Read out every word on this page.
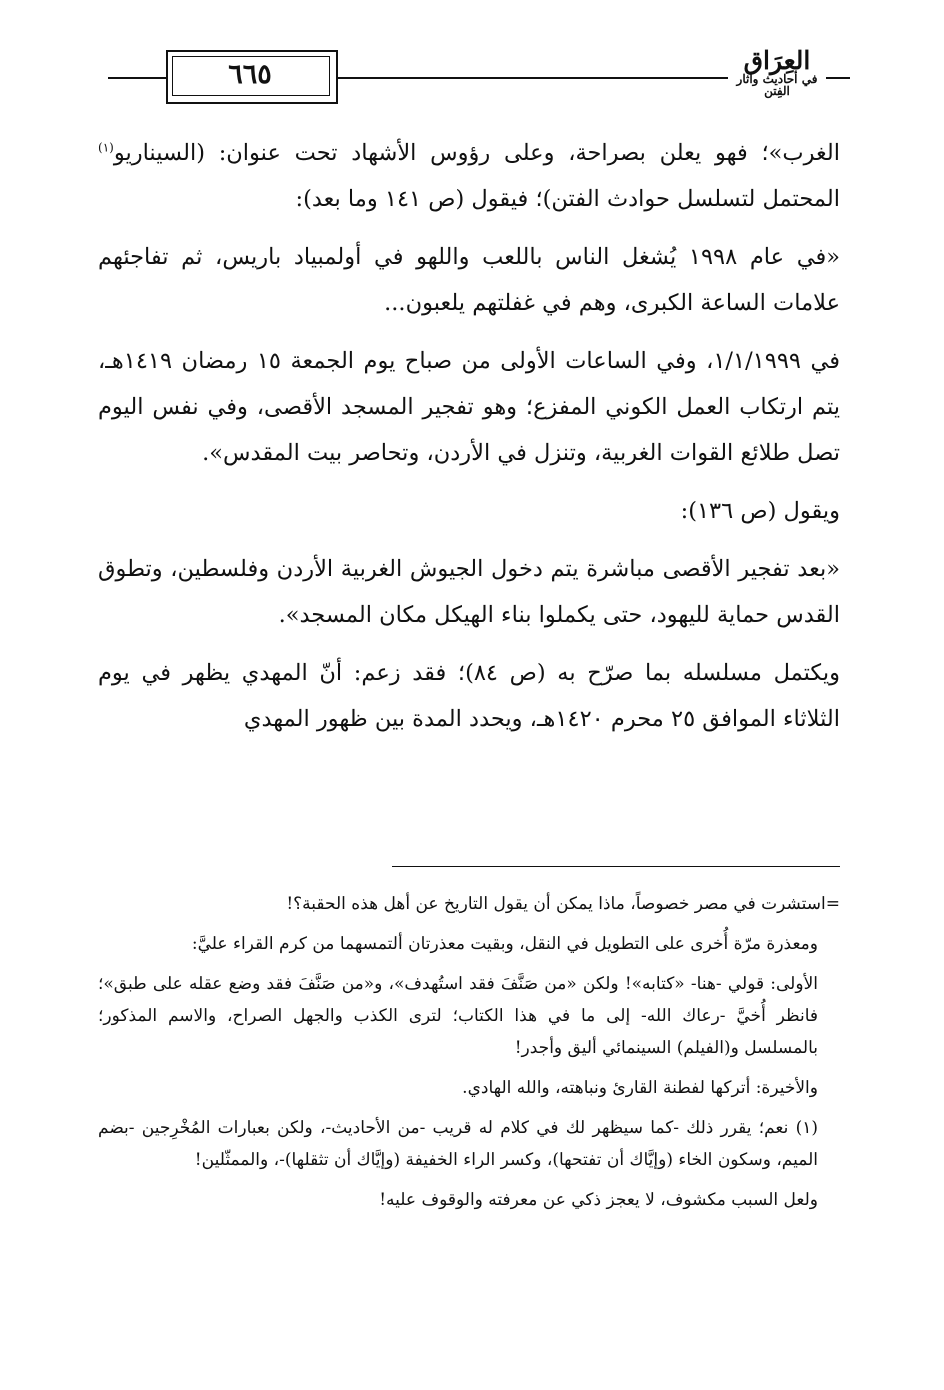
٦٦٥	العِرَاق
في أحاديث وآثار الفِتن

الغرب»؛ فهو يعلن بصراحة، وعلى رؤوس الأشهاد تحت عنوان: (السيناريو$^{(١)}$ المحتمل لتسلسل حوادث الفتن)؛ فيقول (ص ١٤١ وما بعد):

«في عام ١٩٩٨ يُشغل الناس باللعب واللهو في أولمبياد باريس، ثم تفاجئهم علامات الساعة الكبرى، وهم في غفلتهم يلعبون...

في ١/١/١٩٩٩، وفي الساعات الأولى من صباح يوم الجمعة ١٥ رمضان ١٤١٩هـ، يتم ارتكاب العمل الكوني المفزع؛ وهو تفجير المسجد الأقصى، وفي نفس اليوم تصل طلائع القوات الغربية، وتنزل في الأردن، وتحاصر بيت المقدس».

ويقول (ص ١٣٦):

«بعد تفجير الأقصى مباشرة يتم دخول الجيوش الغربية الأردن وفلسطين، وتطوق القدس حماية لليهود، حتى يكملوا بناء الهيكل مكان المسجد».

ويكتمل مسلسله بما صرّح به (ص ٨٤)؛ فقد زعم: أنّ المهدي يظهر في يوم الثلاثاء الموافق ٢٥ محرم ١٤٢٠هـ، ويحدد المدة بين ظهور المهدي

=استشرت في مصر خصوصاً، ماذا يمكن أن يقول التاريخ عن أهل هذه الحقبة؟!

ومعذرة مرّة أُخرى على التطويل في النقل، وبقيت معذرتان ألتمسهما من كرم القراء عليَّ:

الأولى: قولي -هنا- «كتابه»! ولكن «من صَنَّفَ فقد استُهدف»، و«من صَنَّفَ فقد وضع عقله على طبق»؛ فانظر أُخيَّ -رعاك الله- إلى ما في هذا الكتاب؛ لترى الكذب والجهل الصراح، والاسم المذكور؛ بالمسلسل و(الفيلم) السينمائي أليق وأجدر!

والأخيرة: أتركها لفطنة القارئ ونباهته، والله الهادي.

(١) نعم؛ يقرر ذلك -كما سيظهر لك في كلام له قريب -من الأحاديث-، ولكن بعبارات المُخْرِجين -بضم الميم، وسكون الخاء (وإيَّاك أن تفتحها)، وكسر الراء الخفيفة (وإيَّاك أن تثقلها)-، والممثّلين!

ولعل السبب مكشوف، لا يعجز ذكي عن معرفته والوقوف عليه!
